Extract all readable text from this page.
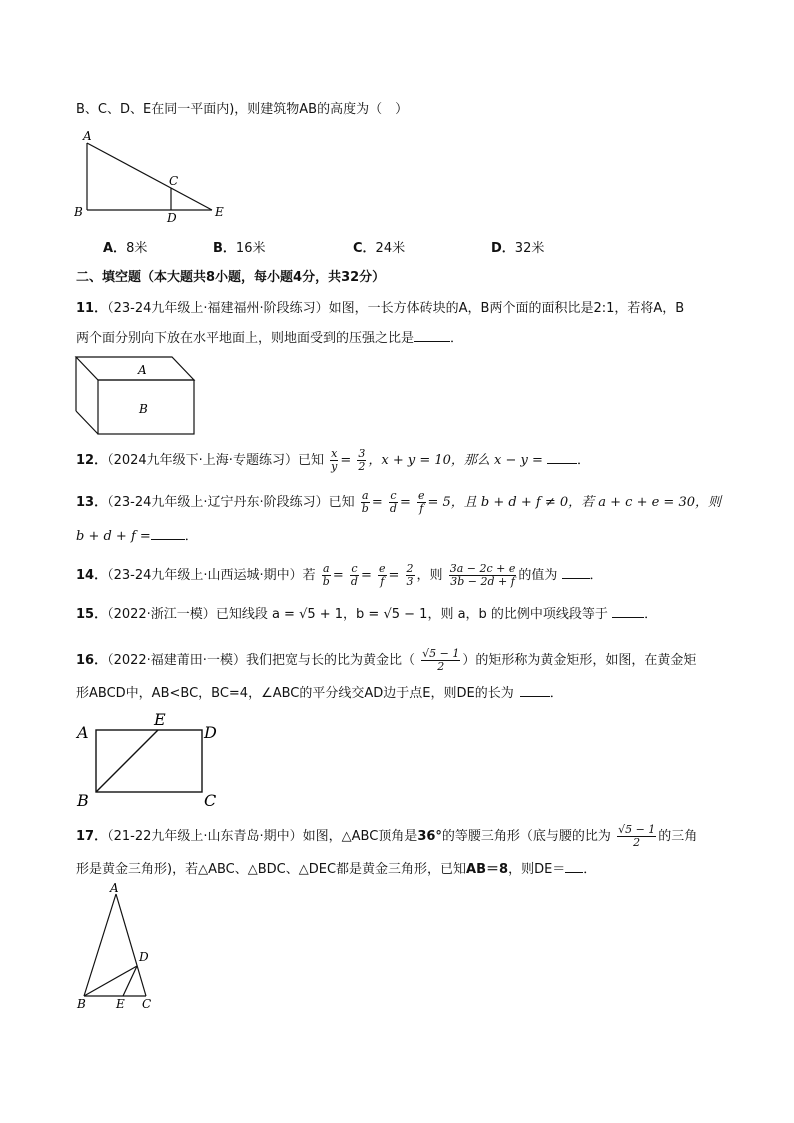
B、C、D、E在同一平面内)，则建筑物AB的高度为（　）
A
C
B	D	E
A．8米	B．16米	C．24米	D．32米
二、填空题（本大题共8小题，每小题4分，共32分）
11．（23-24九年级上·福建福州·阶段练习）如图，一长方体砖块的A，B两个面的面积比是2:1，若将A，B
两个面分别向下放在水平地面上，则地面受到的压强之比是	．
A
B
12．（2024九年级下·上海·专题练习）已知 $\frac{x}{y} = \frac{3}{2}$ ，x + y = 10，那么 x − y =	．
13．（23-24九年级上·辽宁丹东·阶段练习）已知 $\frac{a}{b} = \frac{c}{d} = \frac{e}{f} = 5$，且 b + d + f ≠ 0，若 a + c + e = 30，则
b + d + f =	．
14．（23-24九年级上·山西运城·期中）若 $\frac{a}{b} = \frac{c}{d} = \frac{e}{f} = \frac{2}{3}$ ，则 $\frac{3a - 2c + e}{3b - 2d + f}$ 的值为 ．
15．（2022·浙江一模）已知线段 a = √5 + 1，b = √5 − 1，则 a，b 的比例中项线段等于	．
16．（2022·福建莆田·一模）我们把宽与长的比为黄金比（ $\frac{√5 - 1}{2}$ ）的矩形称为黄金矩形，如图，在黄金矩
形ABCD中，AB<BC，BC=4，∠ABC的平分线交AD边于点E，则DE的长为	．
A
E
D
B	C
17．（21-22九年级上·山东青岛·期中）如图，△ABC顶角是36°的等腰三角形（底与腰的比为 $\frac{√5 - 1}{2}$ 的三角
形是黄金三角形)，若△ABC、△BDC、△DEC都是黄金三角形，已知AB＝8，则DE＝ ．
A
D
B	E C
